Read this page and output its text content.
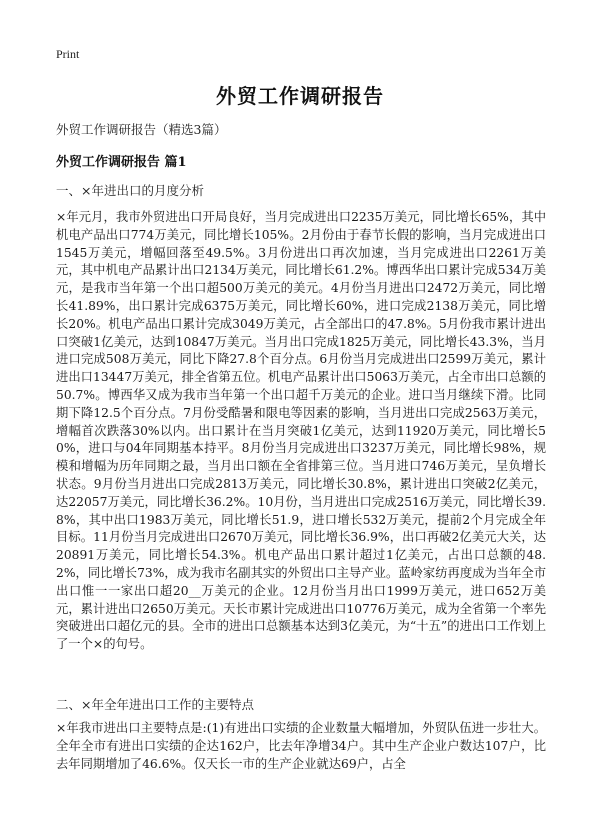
Print
外贸工作调研报告
外贸工作调研报告（精选3篇）
外贸工作调研报告 篇1
一、×年进出口的月度分析

×年元月，我市外贸进出口开局良好，当月完成进出口2235万美元，同比增长65%，其中机电产品出口774万美元，同比增长105%。2月份由于春节长假的影响，当月完成进出口1545万美元，增幅回落至49.5%。3月份进出口再次加速，当月完成进出口2261万美元，其中机电产品累计出口2134万美元，同比增长61.2%。博西华出口累计完成534万美元，是我市当年第一个出口超500万美元的美元。4月份当月进出口2472万美元，同比增长41.89%，出口累计完成6375万美元，同比增长60%，进口完成2138万美元，同比增长20%。机电产品出口累计完成3049万美元，占全部出口的47.8%。5月份我市累计进出口突破1亿美元，达到10847万美元。当月出口完成1825万美元，同比增长43.3%，当月进口完成508万美元，同比下降27.8个百分点。6月份当月完成进出口2599万美元，累计进出口13447万美元，排全省第五位。机电产品累计出口5063万美元，占全市出口总额的50.7%。博西华又成为我市当年第一个出口超千万美元的企业。进口当月继续下滑。比同期下降12.5个百分点。7月份受酷暑和限电等因素的影响，当月进出口完成2563万美元，增幅首次跌落30%以内。出口累计在当月突破1亿美元，达到11920万美元，同比增长50%，进口与04年同期基本持平。8月份当月完成进出口3237万美元，同比增长98%，规模和增幅为历年同期之最，当月出口额在全省排第三位。当月进口746万美元，呈负增长状态。9月份当月进出口完成2813万美元，同比增长30.8%，累计进出口突破2亿美元，达22057万美元，同比增长36.2%。10月份，当月进出口完成2516万美元，同比增长39.8%，其中出口1983万美元，同比增长51.9，进口增长532万美元，提前2个月完成全年目标。11月份当月完成进出口2670万美元，同比增长36.9%，出口再破2亿美元大关，达20891万美元，同比增长54.3%。机电产品出口累计超过1亿美元，占出口总额的48.2%，同比增长73%，成为我市名副其实的外贸出口主导产业。蓝岭家纺再度成为当年全市出口惟一一家出口超20__万美元的企业。12月份当月出口1999万美元，进口652万美元，累计进出口2650万美元。天长市累计完成进出口10776万美元，成为全省第一个率先突破进出口超亿元的县。全市的进出口总额基本达到3亿美元，为“十五”的进出口工作划上了一个×的句号。

二、×年全年进出口工作的主要特点

×年我市进出口主要特点是:(1)有进出口实绩的企业数量大幅增加，外贸队伍进一步壮大。全年全市有进出口实绩的企达162户，比去年净增34户。其中生产企业户数达107户，比去年同期增加了46.6%。仅天长一市的生产企业就达69户，占全
